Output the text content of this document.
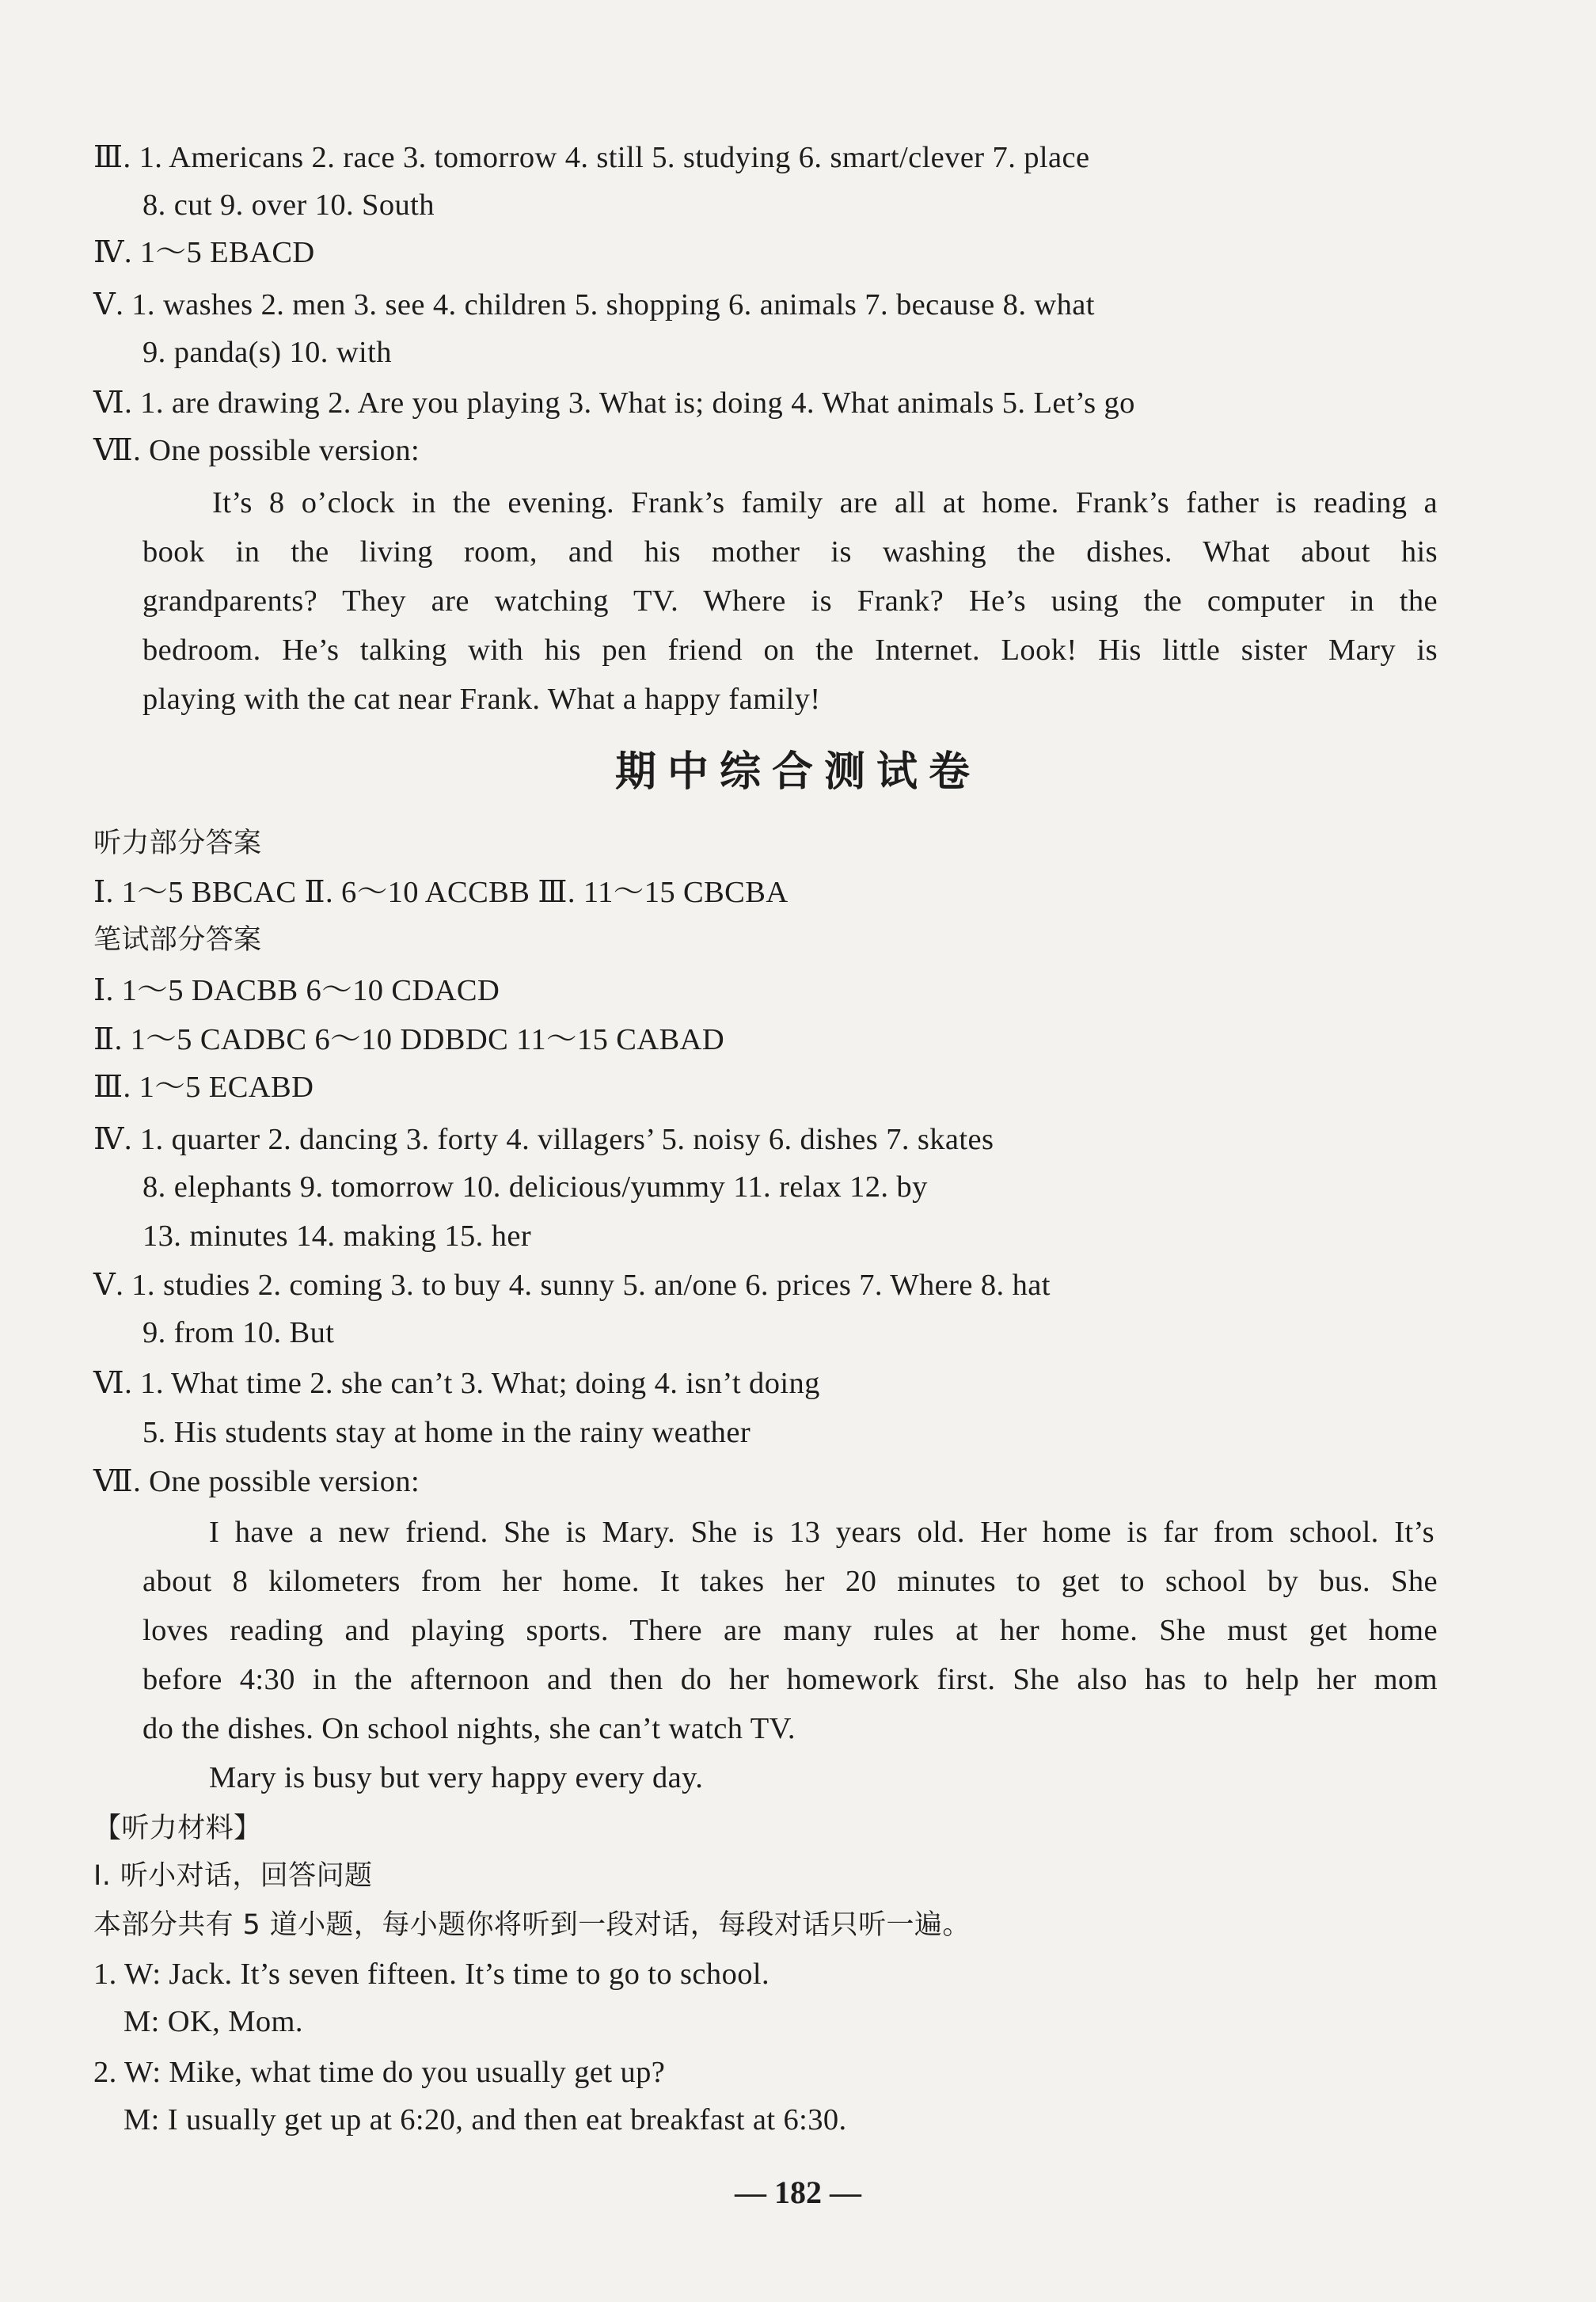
Ⅲ. 1. Americans 2. race 3. tomorrow 4. still 5. studying 6. smart/clever 7. place
8. cut 9. over 10. South
Ⅳ. 1～5 EBACD
Ⅴ. 1. washes 2. men 3. see 4. children 5. shopping 6. animals 7. because 8. what
9. panda(s) 10. with
Ⅵ. 1. are drawing 2. Are you playing 3. What is; doing 4. What animals 5. Let’s go
Ⅶ. One possible version:
It’s 8 o’clock in the evening. Frank’s family are all at home. Frank’s father is reading a
book in the living room, and his mother is washing the dishes. What about his
grandparents? They are watching TV. Where is Frank? He’s using the computer in the
bedroom. He’s talking with his pen friend on the Internet. Look! His little sister Mary is
playing with the cat near Frank. What a happy family!
期中综合测试卷
听力部分答案
Ⅰ. 1～5 BBCAC Ⅱ. 6～10 ACCBB Ⅲ. 11～15 CBCBA
笔试部分答案
Ⅰ. 1～5 DACBB 6～10 CDACD
Ⅱ. 1～5 CADBC 6～10 DDBDC 11～15 CABAD
Ⅲ. 1～5 ECABD
Ⅳ. 1. quarter 2. dancing 3. forty 4. villagers’ 5. noisy 6. dishes 7. skates
8. elephants 9. tomorrow 10. delicious/yummy 11. relax 12. by
13. minutes 14. making 15. her
Ⅴ. 1. studies 2. coming 3. to buy 4. sunny 5. an/one 6. prices 7. Where 8. hat
9. from 10. But
Ⅵ. 1. What time 2. she can’t 3. What; doing 4. isn’t doing
5. His students stay at home in the rainy weather
Ⅶ. One possible version:
I have a new friend. She is Mary. She is 13 years old. Her home is far from school. It’s
about 8 kilometers from her home. It takes her 20 minutes to get to school by bus. She
loves reading and playing sports. There are many rules at her home. She must get home
before 4:30 in the afternoon and then do her homework first. She also has to help her mom
do the dishes. On school nights, she can’t watch TV.
Mary is busy but very happy every day.
【听力材料】
Ⅰ. 听小对话，回答问题
本部分共有 5 道小题，每小题你将听到一段对话，每段对话只听一遍。
1. W: Jack. It’s seven fifteen. It’s time to go to school.
M: OK, Mom.
2. W: Mike, what time do you usually get up?
M: I usually get up at 6:20, and then eat breakfast at 6:30.
— 182 —
